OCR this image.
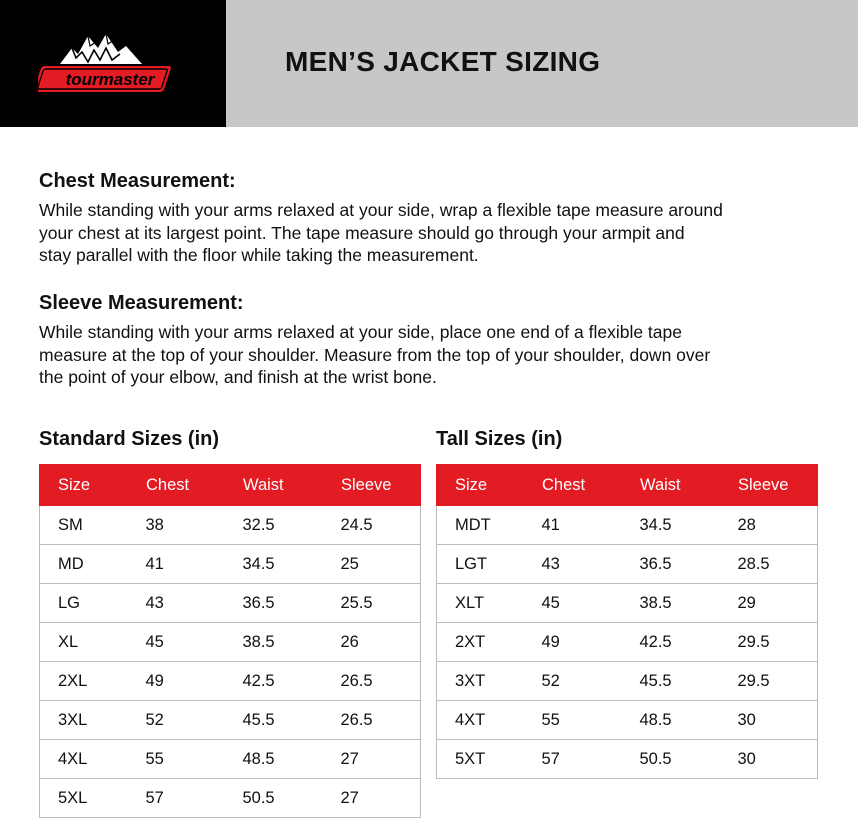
tourmaster
MEN’S JACKET SIZING
Chest Measurement:

While standing with your arms relaxed at your side, wrap a flexible tape measure around
your chest at its largest point. The tape measure should go through your armpit and
stay parallel with the floor while taking the measurement.

Sleeve Measurement:

While standing with your arms relaxed at your side, place one end of a flexible tape
measure at the top of your shoulder. Measure from the top of your shoulder, down over
the point of your elbow, and finish at the wrist bone.

Standard Sizes (in)	Tall Sizes (in)
Size	Chest	Waist	Sleeve
SM	38	32.5	24.5
MD	41	34.5	25
LG	43	36.5	25.5
XL	45	38.5	26
2XL	49	42.5	26.5
3XL	52	45.5	26.5
4XL	55	48.5	27
5XL	57	50.5	27
Size	Chest	Waist	Sleeve
MDT	41	34.5	28
LGT	43	36.5	28.5
XLT	45	38.5	29
2XT	49	42.5	29.5
3XT	52	45.5	29.5
4XT	55	48.5	30
5XT	57	50.5	30
